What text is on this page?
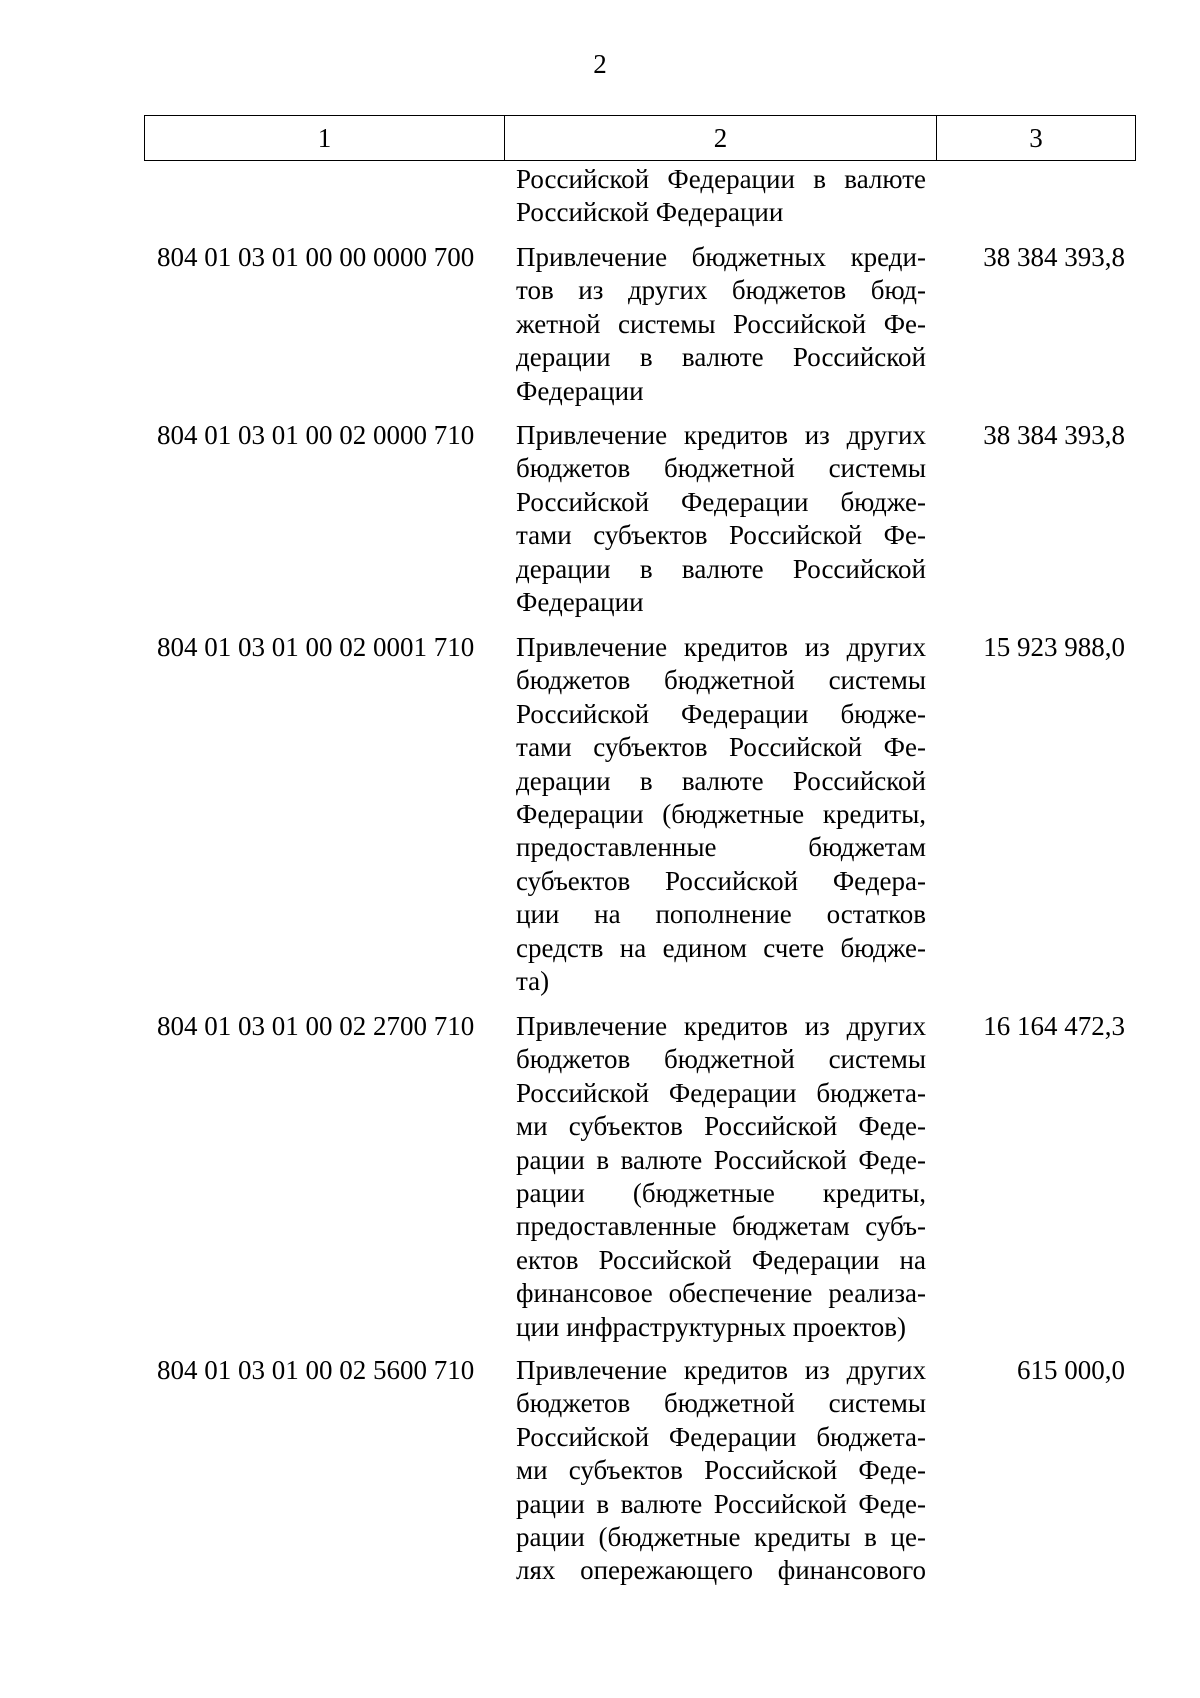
2
1	2	3
Российской Федерации в валюте
Российской Федерации
804 01 03 01 00 00 0000 700	Привлечение бюджетных креди-
тов из других бюджетов бюд-
жетной системы Российской Фе-
дерации в валюте Российской
Федерации
38 384 393,8
804 01 03 01 00 02 0000 710	Привлечение кредитов из других
бюджетов бюджетной системы
Российской Федерации бюдже-
тами субъектов Российской Фе-
дерации в валюте Российской
Федерации
38 384 393,8
804 01 03 01 00 02 0001 710	Привлечение кредитов из других
бюджетов бюджетной системы
Российской Федерации бюдже-
тами субъектов Российской Фе-
дерации в валюте Российской
Федерации (бюджетные кредиты,
предоставленные бюджетам
субъектов Российской Федера-
ции на пополнение остатков
средств на едином счете бюдже-
та)
15 923 988,0
804 01 03 01 00 02 2700 710	Привлечение кредитов из других
бюджетов бюджетной системы
Российской Федерации бюджета-
ми субъектов Российской Феде-
рации в валюте Российской Феде-
рации (бюджетные кредиты,
предоставленные бюджетам субъ-
ектов Российской Федерации на
финансовое обеспечение реализа-
ции инфраструктурных проектов)
16 164 472,3
804 01 03 01 00 02 5600 710	Привлечение кредитов из других
бюджетов бюджетной системы
Российской Федерации бюджета-
ми субъектов Российской Феде-
рации в валюте Российской Феде-
рации (бюджетные кредиты в це-
лях опережающего финансового
615 000,0
